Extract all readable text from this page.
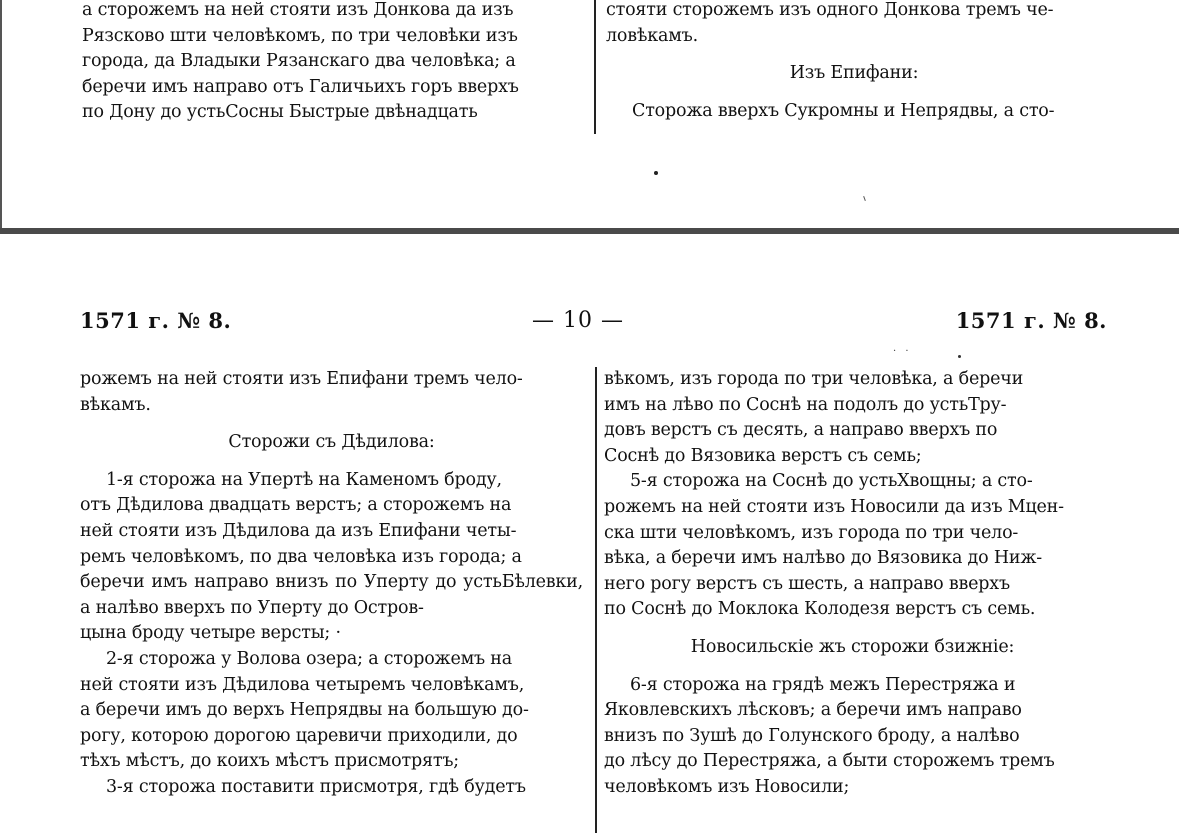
а сторожемъ на ней стояти изъ Донкова да изъ

Рязсково шти человѣкомъ, по три человѣки изъ

города, да Владыки Рязанскаго два человѣка; а

беречи имъ направо отъ Галичьихъ горъ вверхъ

по Дону до устьСосны Быстрые двѣнадцать

стояти сторожемъ изъ одного Донкова тремъ че-

ловѣкамъ.

Изъ Епифани:

Сторожа вверхъ Сукромны и Непрядвы, а сто-

1571 г. № 8.	— 10 —	1571 г. № 8.
· ·

рожемъ на ней стояти изъ Епифани тремъ чело-

вѣкамъ.

Сторожи съ Дѣдилова:

1-я сторожа на Упертѣ на Каменомъ броду,

отъ Дѣдилова двадцать верстъ; а сторожемъ на

ней стояти изъ Дѣдилова да изъ Епифани четы-

ремъ человѣкомъ, по два человѣка изъ города; а

беречи имъ направо внизъ по Уперту до устьБѣлевки, а налѣво вверхъ по Уперту до Остров-

цына броду четыре версты; ·

2-я сторожа у Волова озера; а сторожемъ на

ней стояти изъ Дѣдилова четыремъ человѣкамъ,

а беречи имъ до верхъ Непрядвы на большую до-

рогу, которою дорогою царевичи приходили, до

тѣхъ мѣстъ, до коихъ мѣстъ присмотрятъ;

3-я сторожа поставити присмотря, гдѣ будетъ

вѣкомъ, изъ города по три человѣка, а беречи

имъ на лѣво по Соснѣ на подолъ до устьТру-

довъ верстъ съ десять, а направо вверхъ по

Соснѣ до Вязовика верстъ съ семь;

5-я сторожа на Соснѣ до устьХвощны; а сто-

рожемъ на ней стояти изъ Новосили да изъ Мцен-

ска шти человѣкомъ, изъ города по три чело-

вѣка, а беречи имъ налѣво до Вязовика до Ниж-

него рогу верстъ съ шесть, а направо вверхъ

по Соснѣ до Моклока Колодезя верстъ съ семь.

Новосильскіе жъ сторожи бзижніе:

6-я сторожа на грядѣ межъ Перестряжа и

Яковлевскихъ лѣсковъ; а беречи имъ направо

внизъ по Зушѣ до Голунского броду, а налѣво

до лѣсу до Перестряжа, а быти сторожемъ тремъ

человѣкомъ изъ Новосили;
